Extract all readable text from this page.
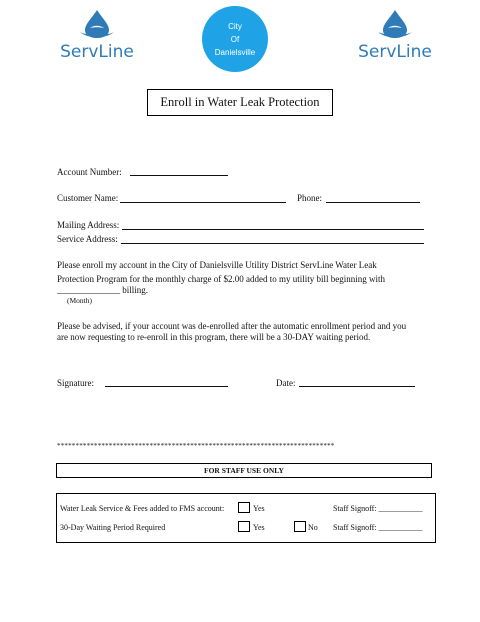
ServLine
City
Of
Danielsville	ServLine
Enroll in Water Leak Protection
Account Number:
Customer Name:	Phone:
Mailing Address:
Service Address:
Please enroll my account in the City of Danielsville Utility District ServLine Water Leak
Protection Program for the monthly charge of $2.00 added to my utility bill beginning with
______________ billing.
(Month)
Please be advised, if your account was de-enrolled after the automatic enrollment period and you
are now requesting to re-enroll in this program, there will be a 30-DAY waiting period.
Signature:	Date:
***************************************************************************
FOR STAFF USE ONLY
Water Leak Service & Fees added to FMS account:	Yes	Staff Signoff: ___________
30-Day Waiting Period Required	Yes	No Staff Signoff: ___________
